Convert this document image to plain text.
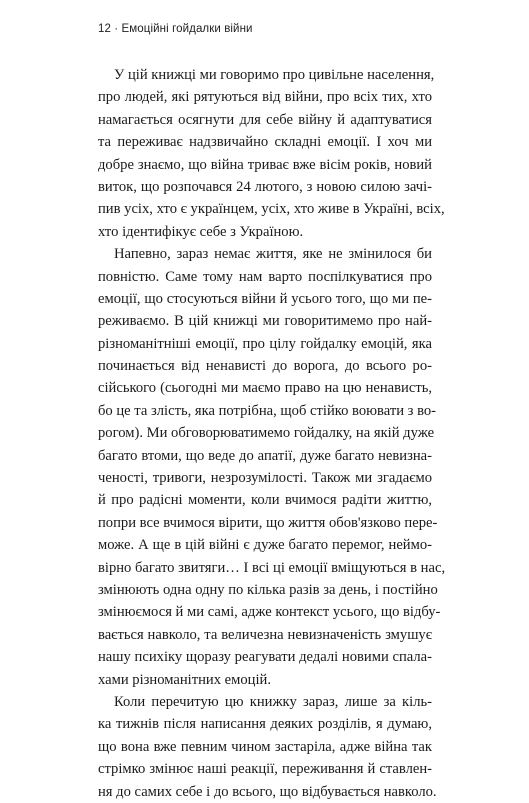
12 · Емоційні гойдалки війни
У цій книжці ми говоримо про цивільне населення,
про людей, які рятуються від війни, про всіх тих, хто
намагається осягнути для себе війну й адаптуватися
та переживає надзвичайно складні емоції. І хоч ми
добре знаємо, що війна триває вже вісім років, новий
виток, що розпочався 24 лютого, з новою силою зачі-
пив усіх, хто є українцем, усіх, хто живе в Україні, всіх,
хто ідентифікує себе з Україною.
Напевно, зараз немає життя, яке не змінилося би
повністю. Саме тому нам варто поспілкуватися про
емоції, що стосуються війни й усього того, що ми пе-
реживаємо. В цій книжці ми говоритимемо про най-
різноманітніші емоції, про цілу гойдалку емоцій, яка
починається від ненависті до ворога, до всього ро-
сійського (сьогодні ми маємо право на цю ненависть,
бо це та злість, яка потрібна, щоб стійко воювати з во-
рогом). Ми обговорюватимемо гойдалку, на якій дуже
багато втоми, що веде до апатії, дуже багато невизна-
ченості, тривоги, незрозумілості. Також ми згадаємо
й про радісні моменти, коли вчимося радіти життю,
попри все вчимося вірити, що життя обов'язково пере-
може. А ще в цій війні є дуже багато перемог, неймо-
вірно багато звитяги… І всі ці емоції вміщуються в нас,
змінюють одна одну по кілька разів за день, і постійно
змінюємося й ми самі, адже контекст усього, що відбу-
вається навколо, та величезна невизначеність змушує
нашу психіку щоразу реагувати дедалі новими спала-
хами різноманітних емоцій.
Коли перечитую цю книжку зараз, лише за кіль-
ка тижнів після написання деяких розділів, я думаю,
що вона вже певним чином застаріла, адже війна так
стрімко змінює наші реакції, переживання й ставлен-
ня до самих себе і до всього, що відбувається навколо.
